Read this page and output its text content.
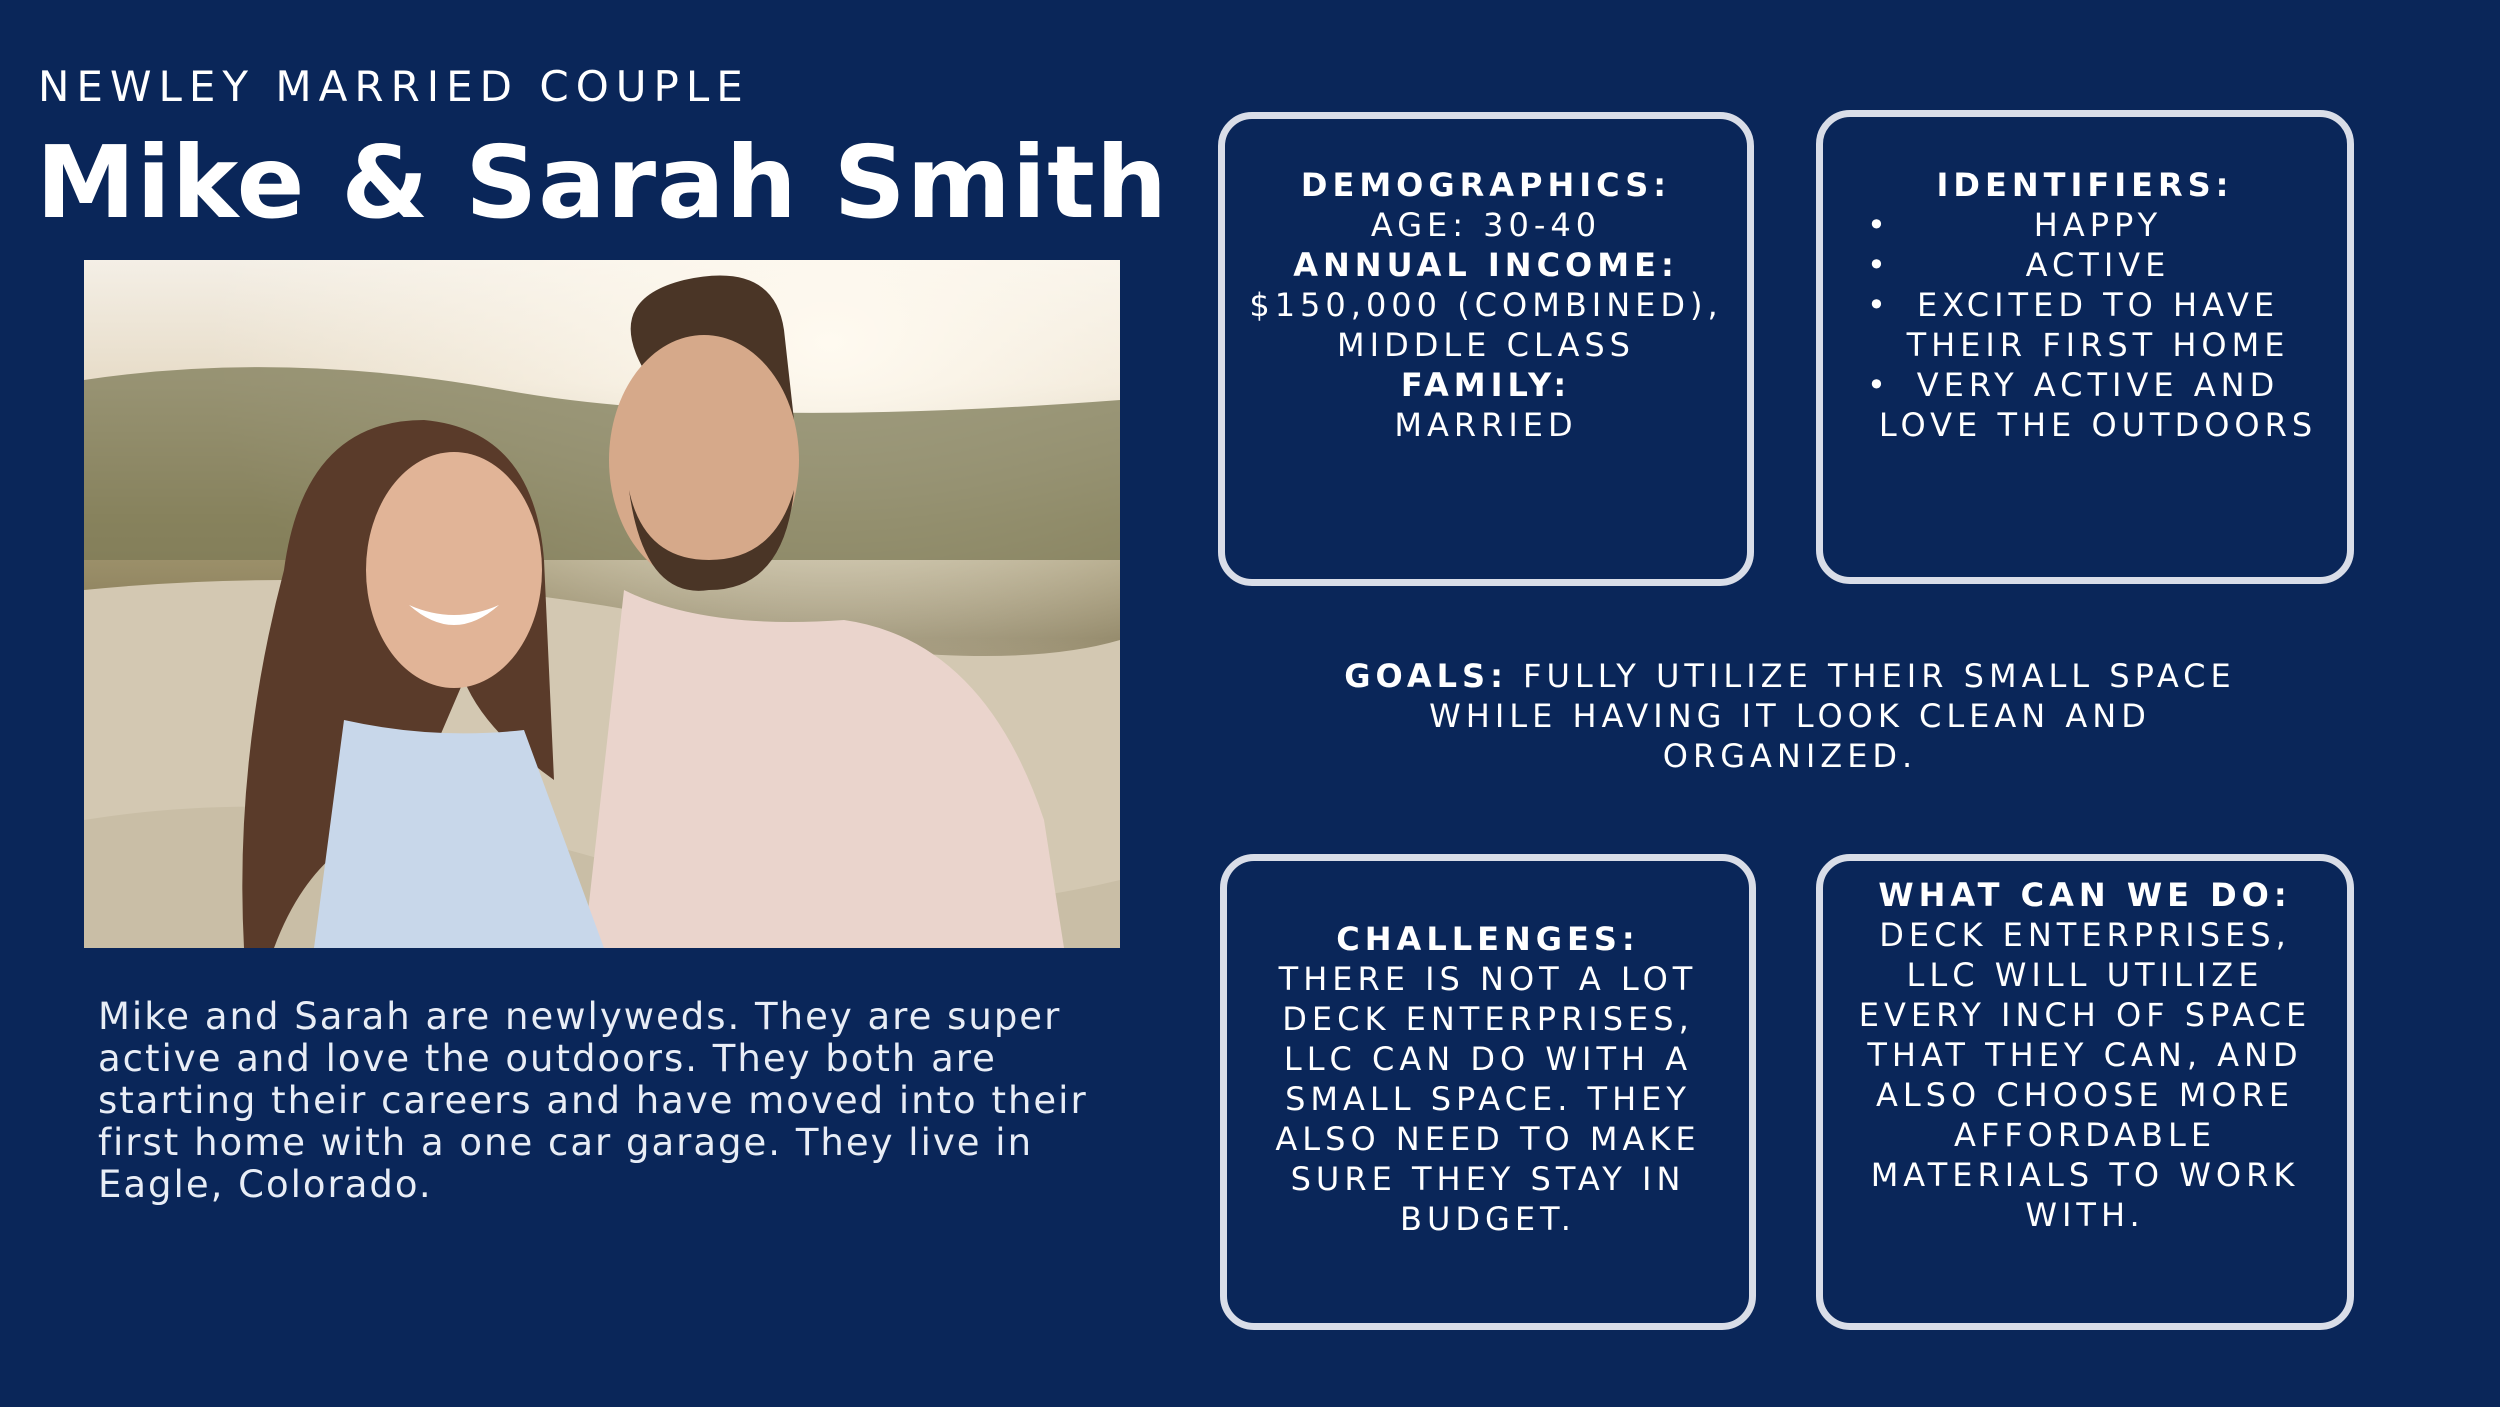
NEWLEY MARRIED COUPLE
Mike & Sarah Smith
Mike and Sarah are newlyweds. They are super active and love the outdoors. They both are starting their careers and have moved into their first home with a one car garage. They live in Eagle, Colorado.
DEMOGRAPHICS:
AGE: 30-40
ANNUAL INCOME:
$150,000 (COMBINED), MIDDLE CLASS
FAMILY:
MARRIED
IDENTIFIERS:
• HAPPY
• ACTIVE
• EXCITED TO HAVE THEIR FIRST HOME
• VERY ACTIVE AND LOVE THE OUTDOORS
GOALS: FULLY UTILIZE THEIR SMALL SPACE WHILE HAVING IT LOOK CLEAN AND ORGANIZED.
CHALLENGES:
THERE IS NOT A LOT DECK ENTERPRISES, LLC CAN DO WITH A SMALL SPACE. THEY ALSO NEED TO MAKE SURE THEY STAY IN BUDGET.
WHAT CAN WE DO:
DECK ENTERPRISES, LLC WILL UTILIZE EVERY INCH OF SPACE THAT THEY CAN, AND ALSO CHOOSE MORE AFFORDABLE MATERIALS TO WORK WITH.
